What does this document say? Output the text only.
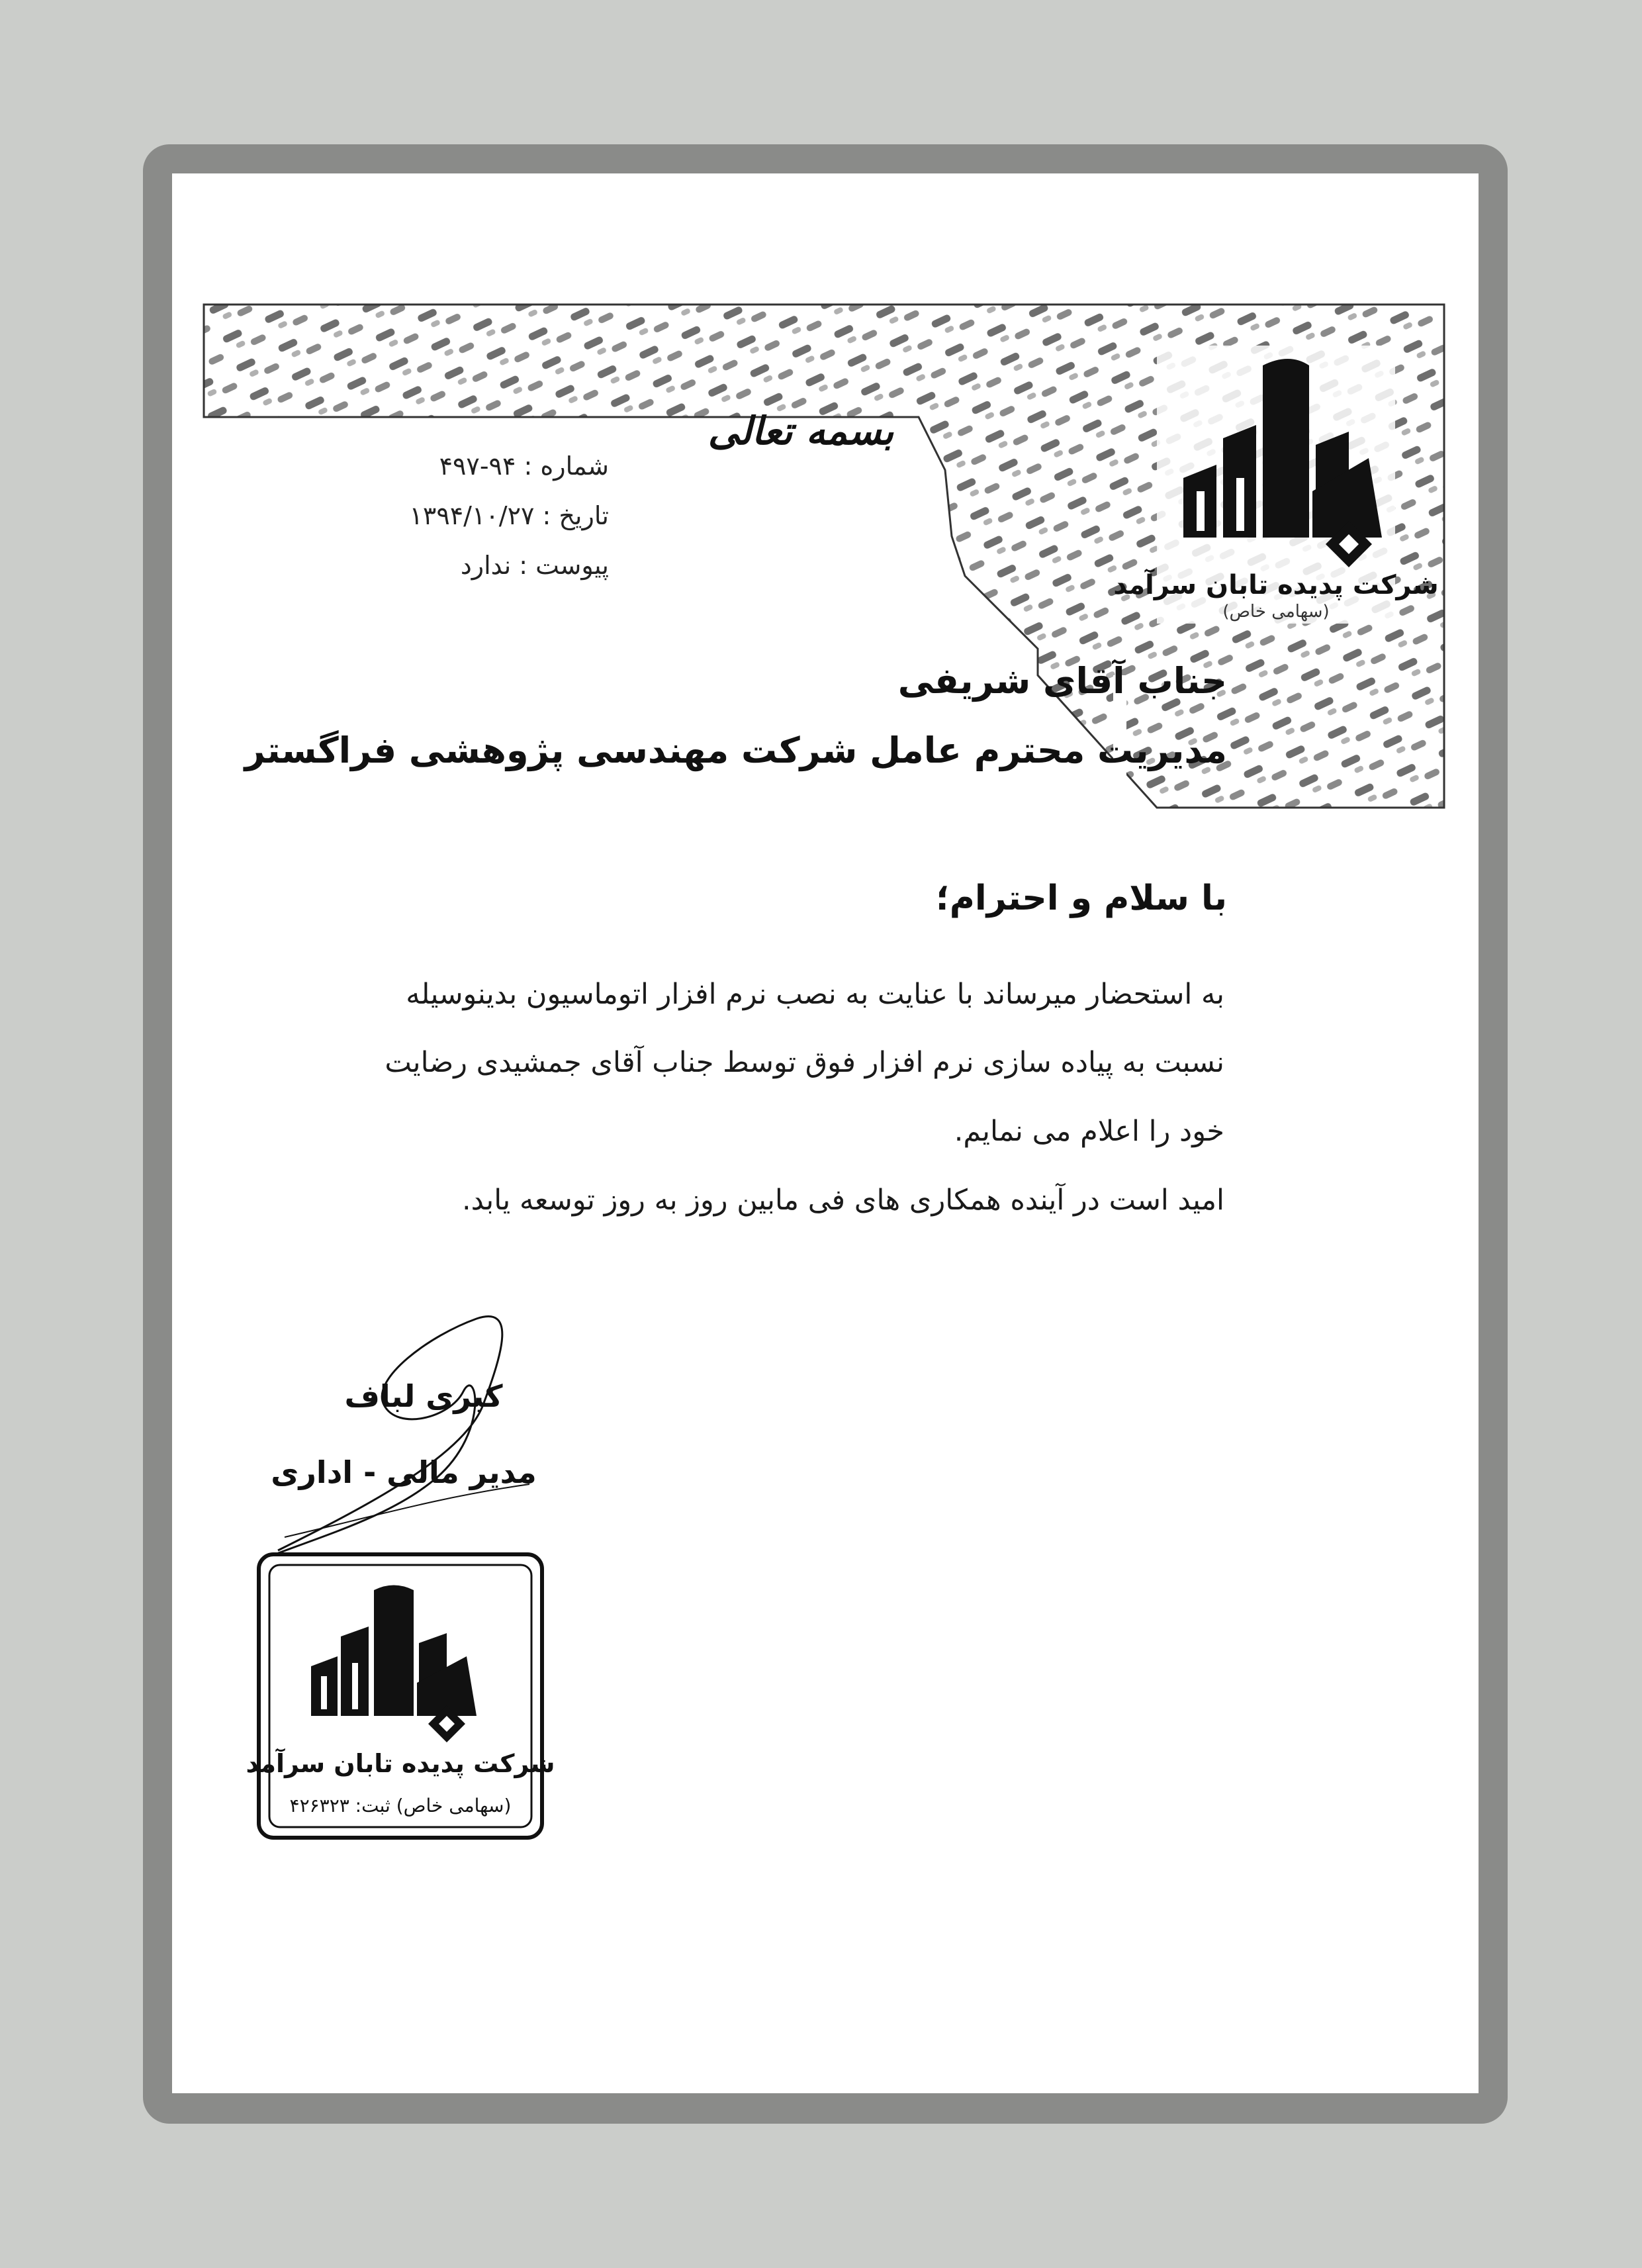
شرکت پدیده تابان سرآمد
(سهامی خاص)
بسمه تعالی
شماره : ۹۴-۴۹۷
تاریخ : ۱۳۹۴/۱۰/۲۷
پیوست : ندارد
جناب آقای شریفی
مدیریت محترم عامل شرکت مهندسی پژوهشی فراگستر
با سلام و احترام؛
به استحضار میرساند با عنایت به نصب نرم افزار اتوماسیون بدینوسیله
نسبت به پیاده سازی نرم افزار فوق توسط جناب آقای جمشیدی رضایت
خود را اعلام می نمایم.
امید است در آینده همکاری های فی مابین روز به روز توسعه یابد.
کبری لباف
مدیر مالی - اداری
شرکت پدیده تابان سرآمد
(سهامی خاص) ثبت: ۴۲۶۳۲۳
